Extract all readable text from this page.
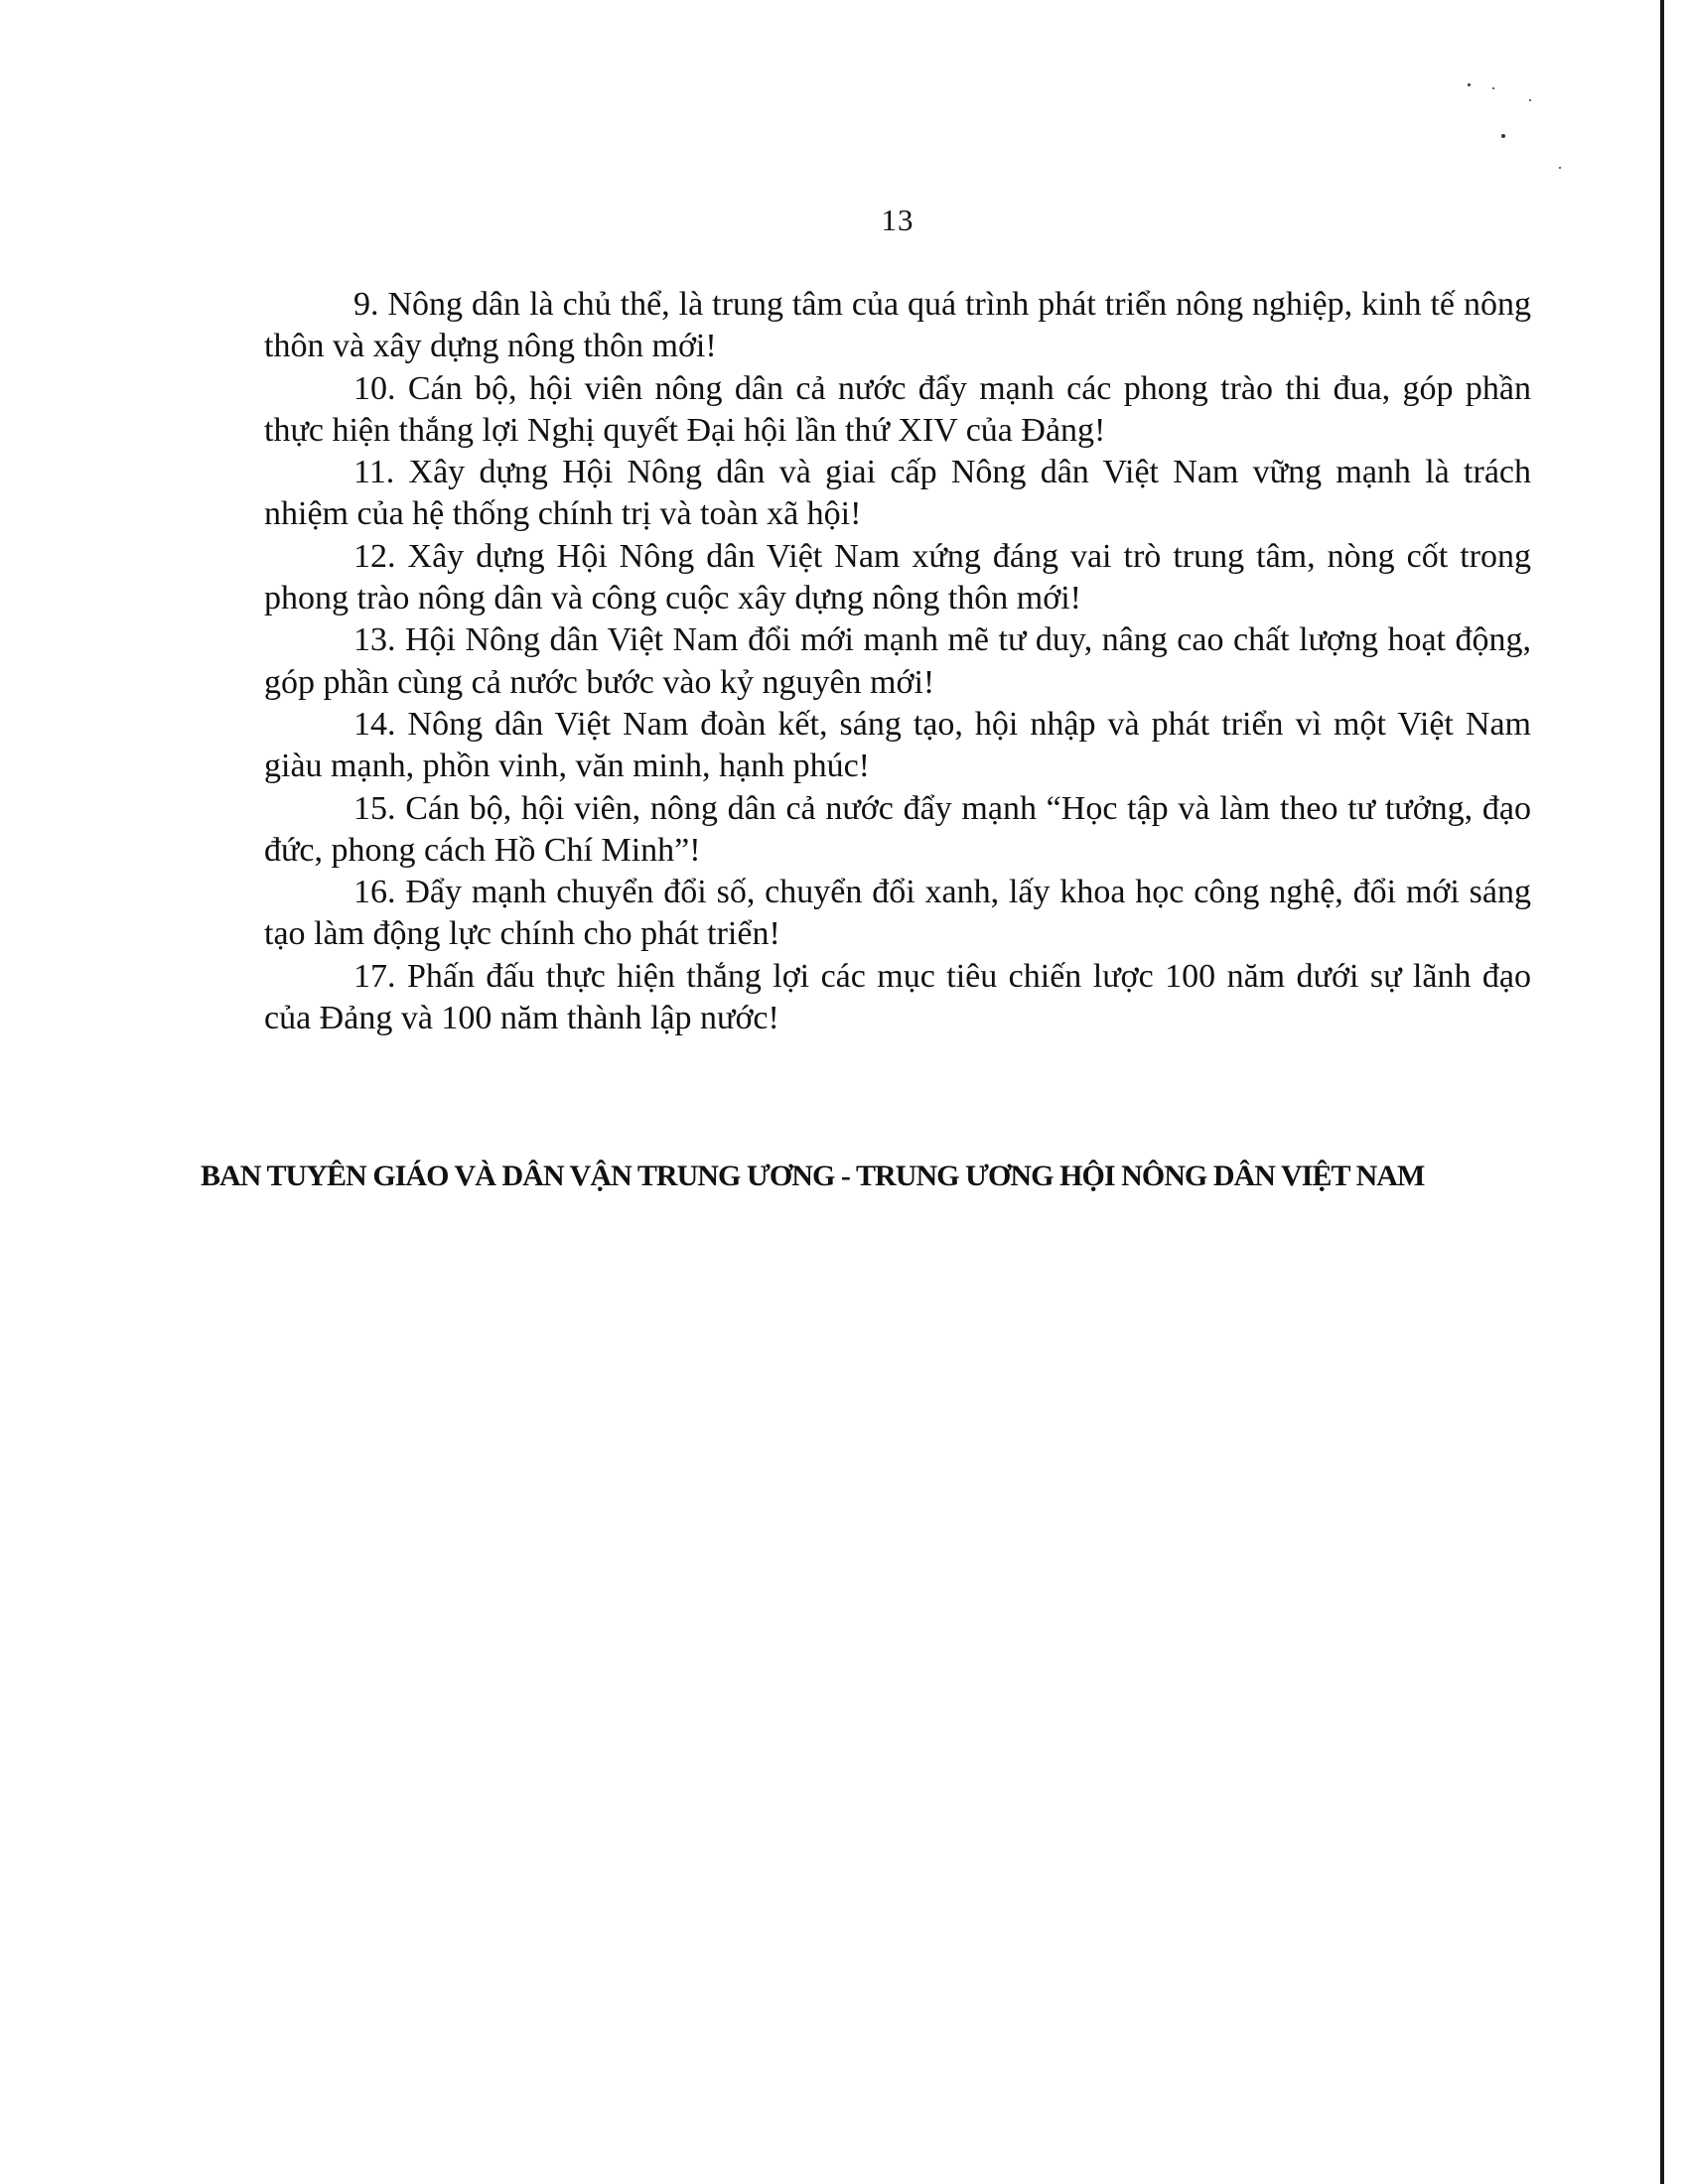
13

9. Nông dân là chủ thể, là trung tâm của quá trình phát triển nông nghiệp, kinh tế nông thôn và xây dựng nông thôn mới!

10. Cán bộ, hội viên nông dân cả nước đẩy mạnh các phong trào thi đua, góp phần thực hiện thắng lợi Nghị quyết Đại hội lần thứ XIV của Đảng!

11. Xây dựng Hội Nông dân và giai cấp Nông dân Việt Nam vững mạnh là trách nhiệm của hệ thống chính trị và toàn xã hội!

12. Xây dựng Hội Nông dân Việt Nam xứng đáng vai trò trung tâm, nòng cốt trong phong trào nông dân và công cuộc xây dựng nông thôn mới!

13. Hội Nông dân Việt Nam đổi mới mạnh mẽ tư duy, nâng cao chất lượng hoạt động, góp phần cùng cả nước bước vào kỷ nguyên mới!

14. Nông dân Việt Nam đoàn kết, sáng tạo, hội nhập và phát triển vì một Việt Nam giàu mạnh, phồn vinh, văn minh, hạnh phúc!

15. Cán bộ, hội viên, nông dân cả nước đẩy mạnh “Học tập và làm theo tư tưởng, đạo đức, phong cách Hồ Chí Minh”!

16. Đẩy mạnh chuyển đổi số, chuyển đổi xanh, lấy khoa học công nghệ, đổi mới sáng tạo làm động lực chính cho phát triển!

17. Phấn đấu thực hiện thắng lợi các mục tiêu chiến lược 100 năm dưới sự lãnh đạo của Đảng và 100 năm thành lập nước!

BAN TUYÊN GIÁO VÀ DÂN VẬN TRUNG ƯƠNG - TRUNG ƯƠNG HỘI NÔNG DÂN VIỆT NAM
